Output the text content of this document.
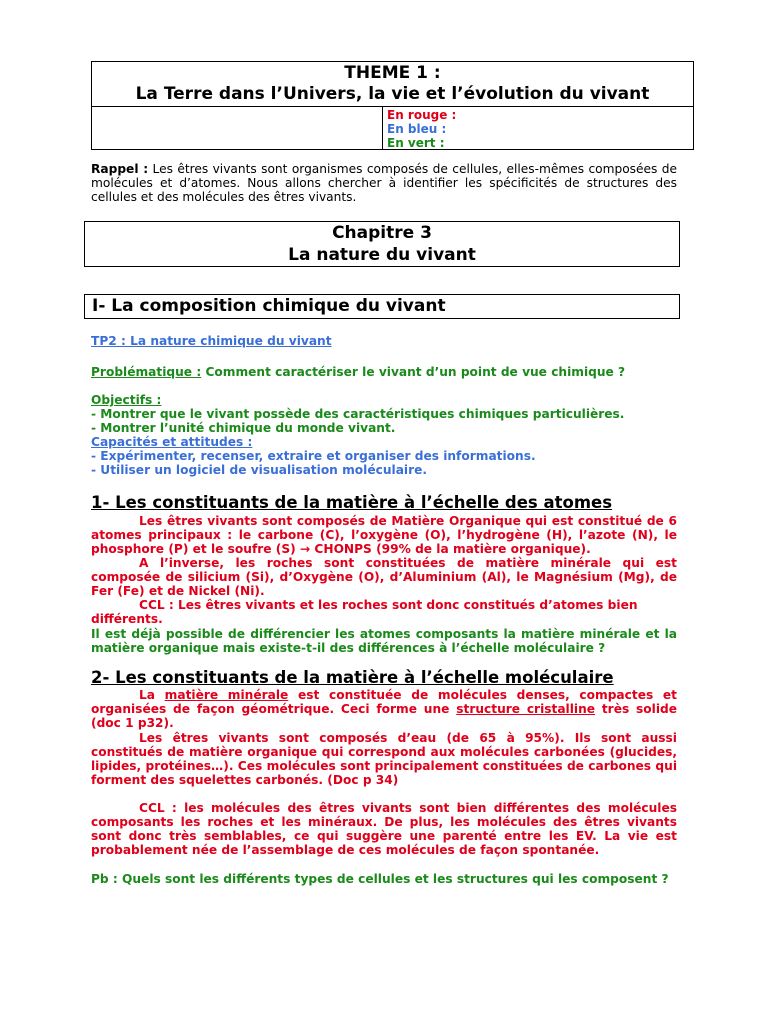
THEME 1 :
La Terre dans l’Univers, la vie et l’évolution du vivant
En rouge :
En bleu :
En vert :
Rappel : Les êtres vivants sont organismes composés de cellules, elles-mêmes composées de molécules et d’atomes. Nous allons chercher à identifier les spécificités de structures des cellules et des molécules des êtres vivants.
Chapitre 3
La nature du vivant
I- La composition chimique du vivant
TP2 : La nature chimique du vivant
Problématique : Comment caractériser le vivant d’un point de vue chimique ?
Objectifs :
- Montrer que le vivant possède des caractéristiques chimiques particulières.
- Montrer l’unité chimique du monde vivant.
Capacités et attitudes :
- Expérimenter, recenser, extraire et organiser des informations.
- Utiliser un logiciel de visualisation moléculaire.
1- Les constituants de la matière à l’échelle des atomes
Les êtres vivants sont composés de Matière Organique qui est constitué de 6 atomes principaux : le carbone (C), l’oxygène (O), l’hydrogène (H), l’azote (N), le phosphore (P) et le soufre (S) → CHONPS (99% de la matière organique).
A l’inverse, les roches sont constituées de matière minérale qui est composée de silicium (Si), d’Oxygène (O), d’Aluminium (Al), le Magnésium (Mg), de Fer (Fe) et de Nickel (Ni).
CCL : Les êtres vivants et les roches sont donc constitués d’atomes bien différents.
Il est déjà possible de différencier les atomes composants la matière minérale et la matière organique mais existe-t-il des différences à l’échelle moléculaire ?
2- Les constituants de la matière à l’échelle moléculaire
La matière minérale est constituée de molécules denses, compactes et organisées de façon géométrique. Ceci forme une structure cristalline très solide (doc 1 p32).
Les êtres vivants sont composés d’eau (de 65 à 95%). Ils sont aussi constitués de matière organique qui correspond aux molécules carbonées (glucides, lipides, protéines…). Ces molécules sont principalement constituées de carbones qui forment des squelettes carbonés. (Doc p 34)
CCL : les molécules des êtres vivants sont bien différentes des molécules composants les roches et les minéraux. De plus, les molécules des êtres vivants sont donc très semblables, ce qui suggère une parenté entre les EV. La vie est probablement née de l’assemblage de ces molécules de façon spontanée.
Pb : Quels sont les différents types de cellules et les structures qui les composent ?
